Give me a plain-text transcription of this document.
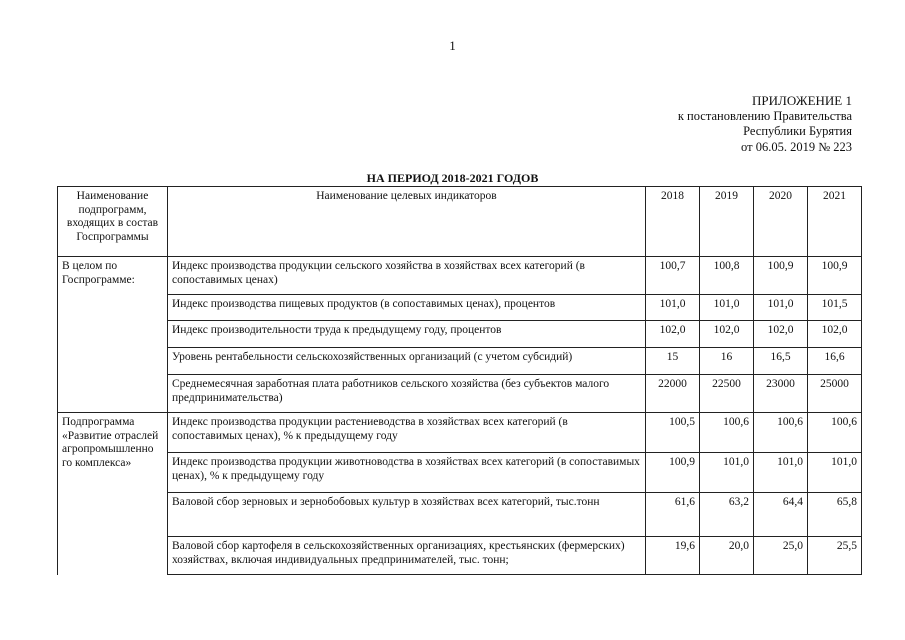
1
ПРИЛОЖЕНИЕ 1
к постановлению Правительства
Республики Бурятия
от 06.05. 2019 № 223
НА ПЕРИОД 2018-2021 ГОДОВ
Наименование подпрограмм, входящих в состав Госпрограммы	Наименование целевых индикаторов	2018	2019	2020	2021
В целом по Госпрограмме:	Индекс производства продукции сельского хозяйства в хозяйствах всех категорий (в сопоставимых ценах)	100,7	100,8	100,9	100,9
	Индекс производства пищевых продуктов (в сопоставимых ценах), процентов	101,0	101,0	101,0	101,5
	Индекс производительности труда к предыдущему году, процентов	102,0	102,0	102,0	102,0
	Уровень рентабельности сельскохозяйственных организаций (с учетом субсидий)	15	16	16,5	16,6
	Среднемесячная заработная плата работников сельского хозяйства (без субъектов малого предпринимательства)	22000	22500	23000	25000
Подпрограмма «Развитие отраслей агропромышленно го комплекса»	Индекс производства продукции растениеводства в хозяйствах всех категорий (в сопоставимых ценах), % к предыдущему году	100,5	100,6	100,6	100,6
	Индекс производства продукции животноводства в хозяйствах всех категорий (в сопоставимых ценах), % к предыдущему году	100,9	101,0	101,0	101,0
	Валовой сбор зерновых и зернобобовых культур в хозяйствах всех категорий, тыс.тонн	61,6	63,2	64,4	65,8
	Валовой сбор картофеля в сельскохозяйственных организациях, крестьянских (фермерских) хозяйствах, включая индивидуальных предпринимателей, тыс. тонн;	19,6	20,0	25,0	25,5
